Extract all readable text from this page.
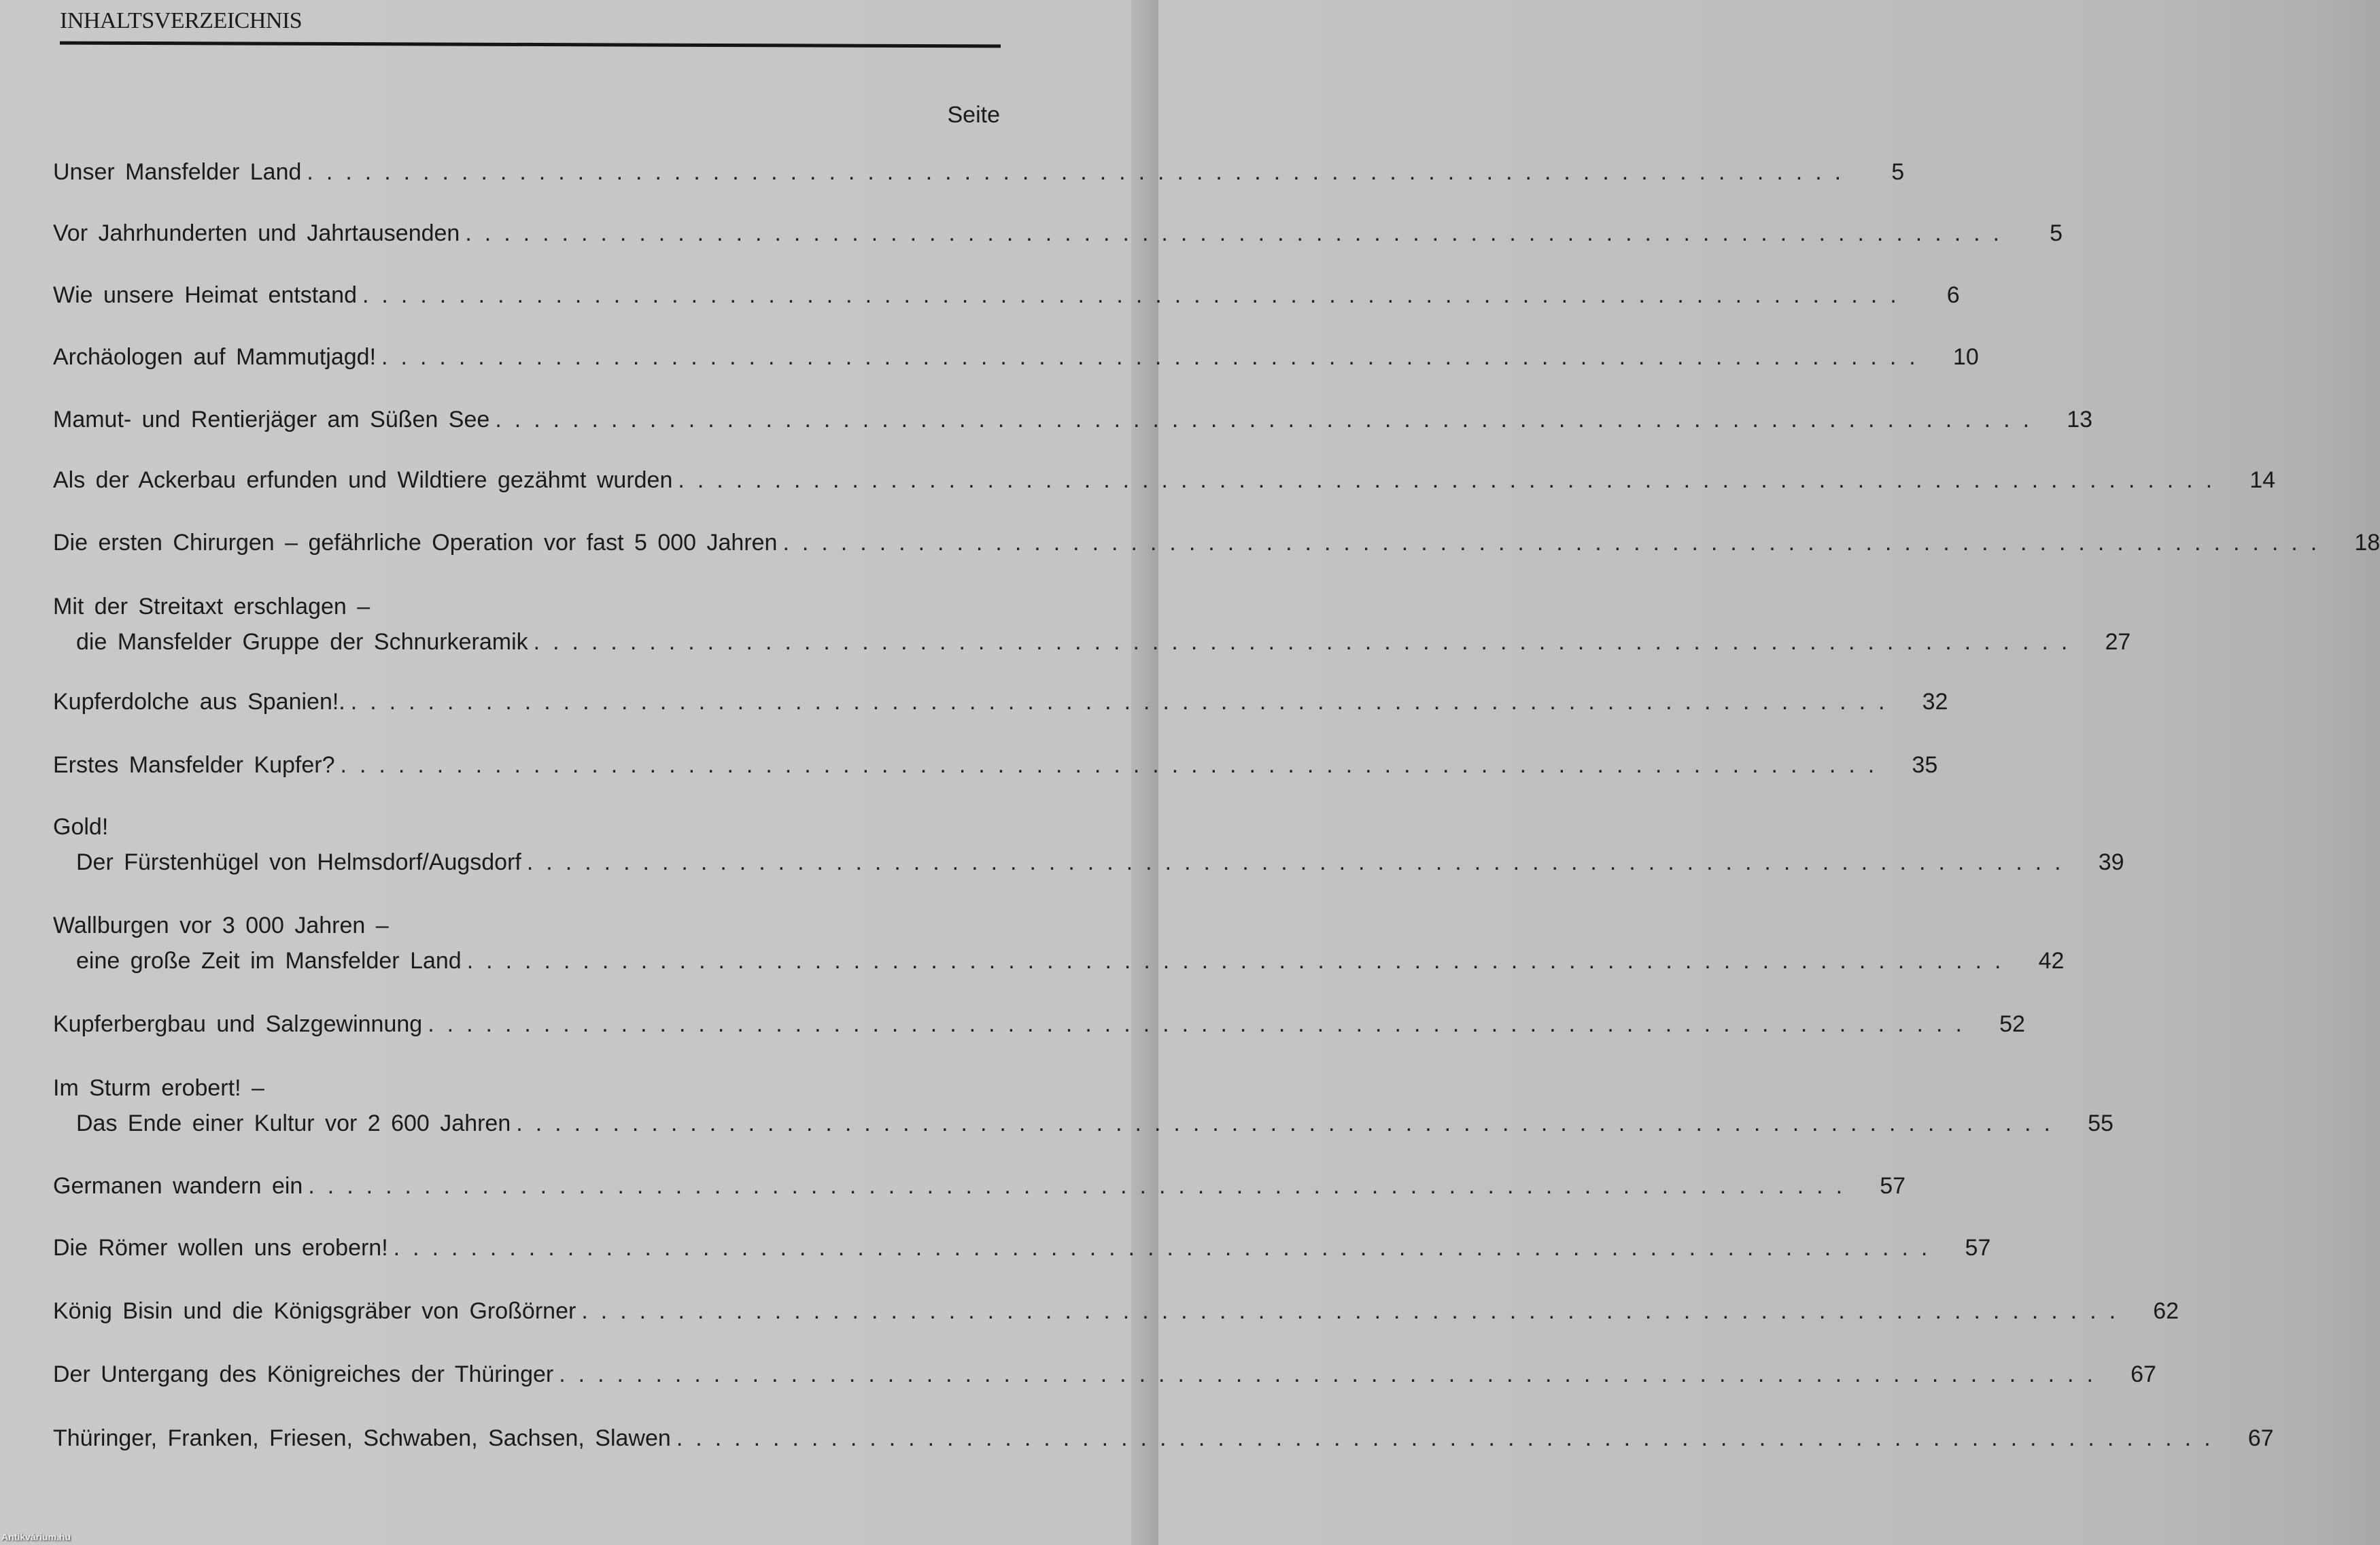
INHALTSVERZEICHNIS
Seite
Unser Mansfelder Land ................................................................................	5
Vor Jahrhunderten und Jahrtausenden ................................................................................	5
Wie unsere Heimat entstand ................................................................................	6
Archäologen auf Mammutjagd! ................................................................................	10
Mamut- und Rentierjäger am Süßen See ................................................................................	13
Als der Ackerbau erfunden und Wildtiere gezähmt wurden ................................................................................	14
Die ersten Chirurgen – gefährliche Operation vor fast 5 000 Jahren ................................................................................	18
Mit der Streitaxt erschlagen –
die Mansfelder Gruppe der Schnurkeramik ................................................................................	27
Kupferdolche aus Spanien!. ................................................................................	32
Erstes Mansfelder Kupfer? ................................................................................	35
Gold!
Der Fürstenhügel von Helmsdorf/Augsdorf ................................................................................	39
Wallburgen vor 3 000 Jahren –
eine große Zeit im Mansfelder Land ................................................................................	42
Kupferbergbau und Salzgewinnung ................................................................................	52
Im Sturm erobert! –
Das Ende einer Kultur vor 2 600 Jahren ................................................................................	55
Germanen wandern ein ................................................................................	57
Die Römer wollen uns erobern! ................................................................................	57
König Bisin und die Königsgräber von Großörner ................................................................................	62
Der Untergang des Königreiches der Thüringer ................................................................................	67
Thüringer, Franken, Friesen, Schwaben, Sachsen, Slawen ................................................................................	67
Antikvárium.hu
